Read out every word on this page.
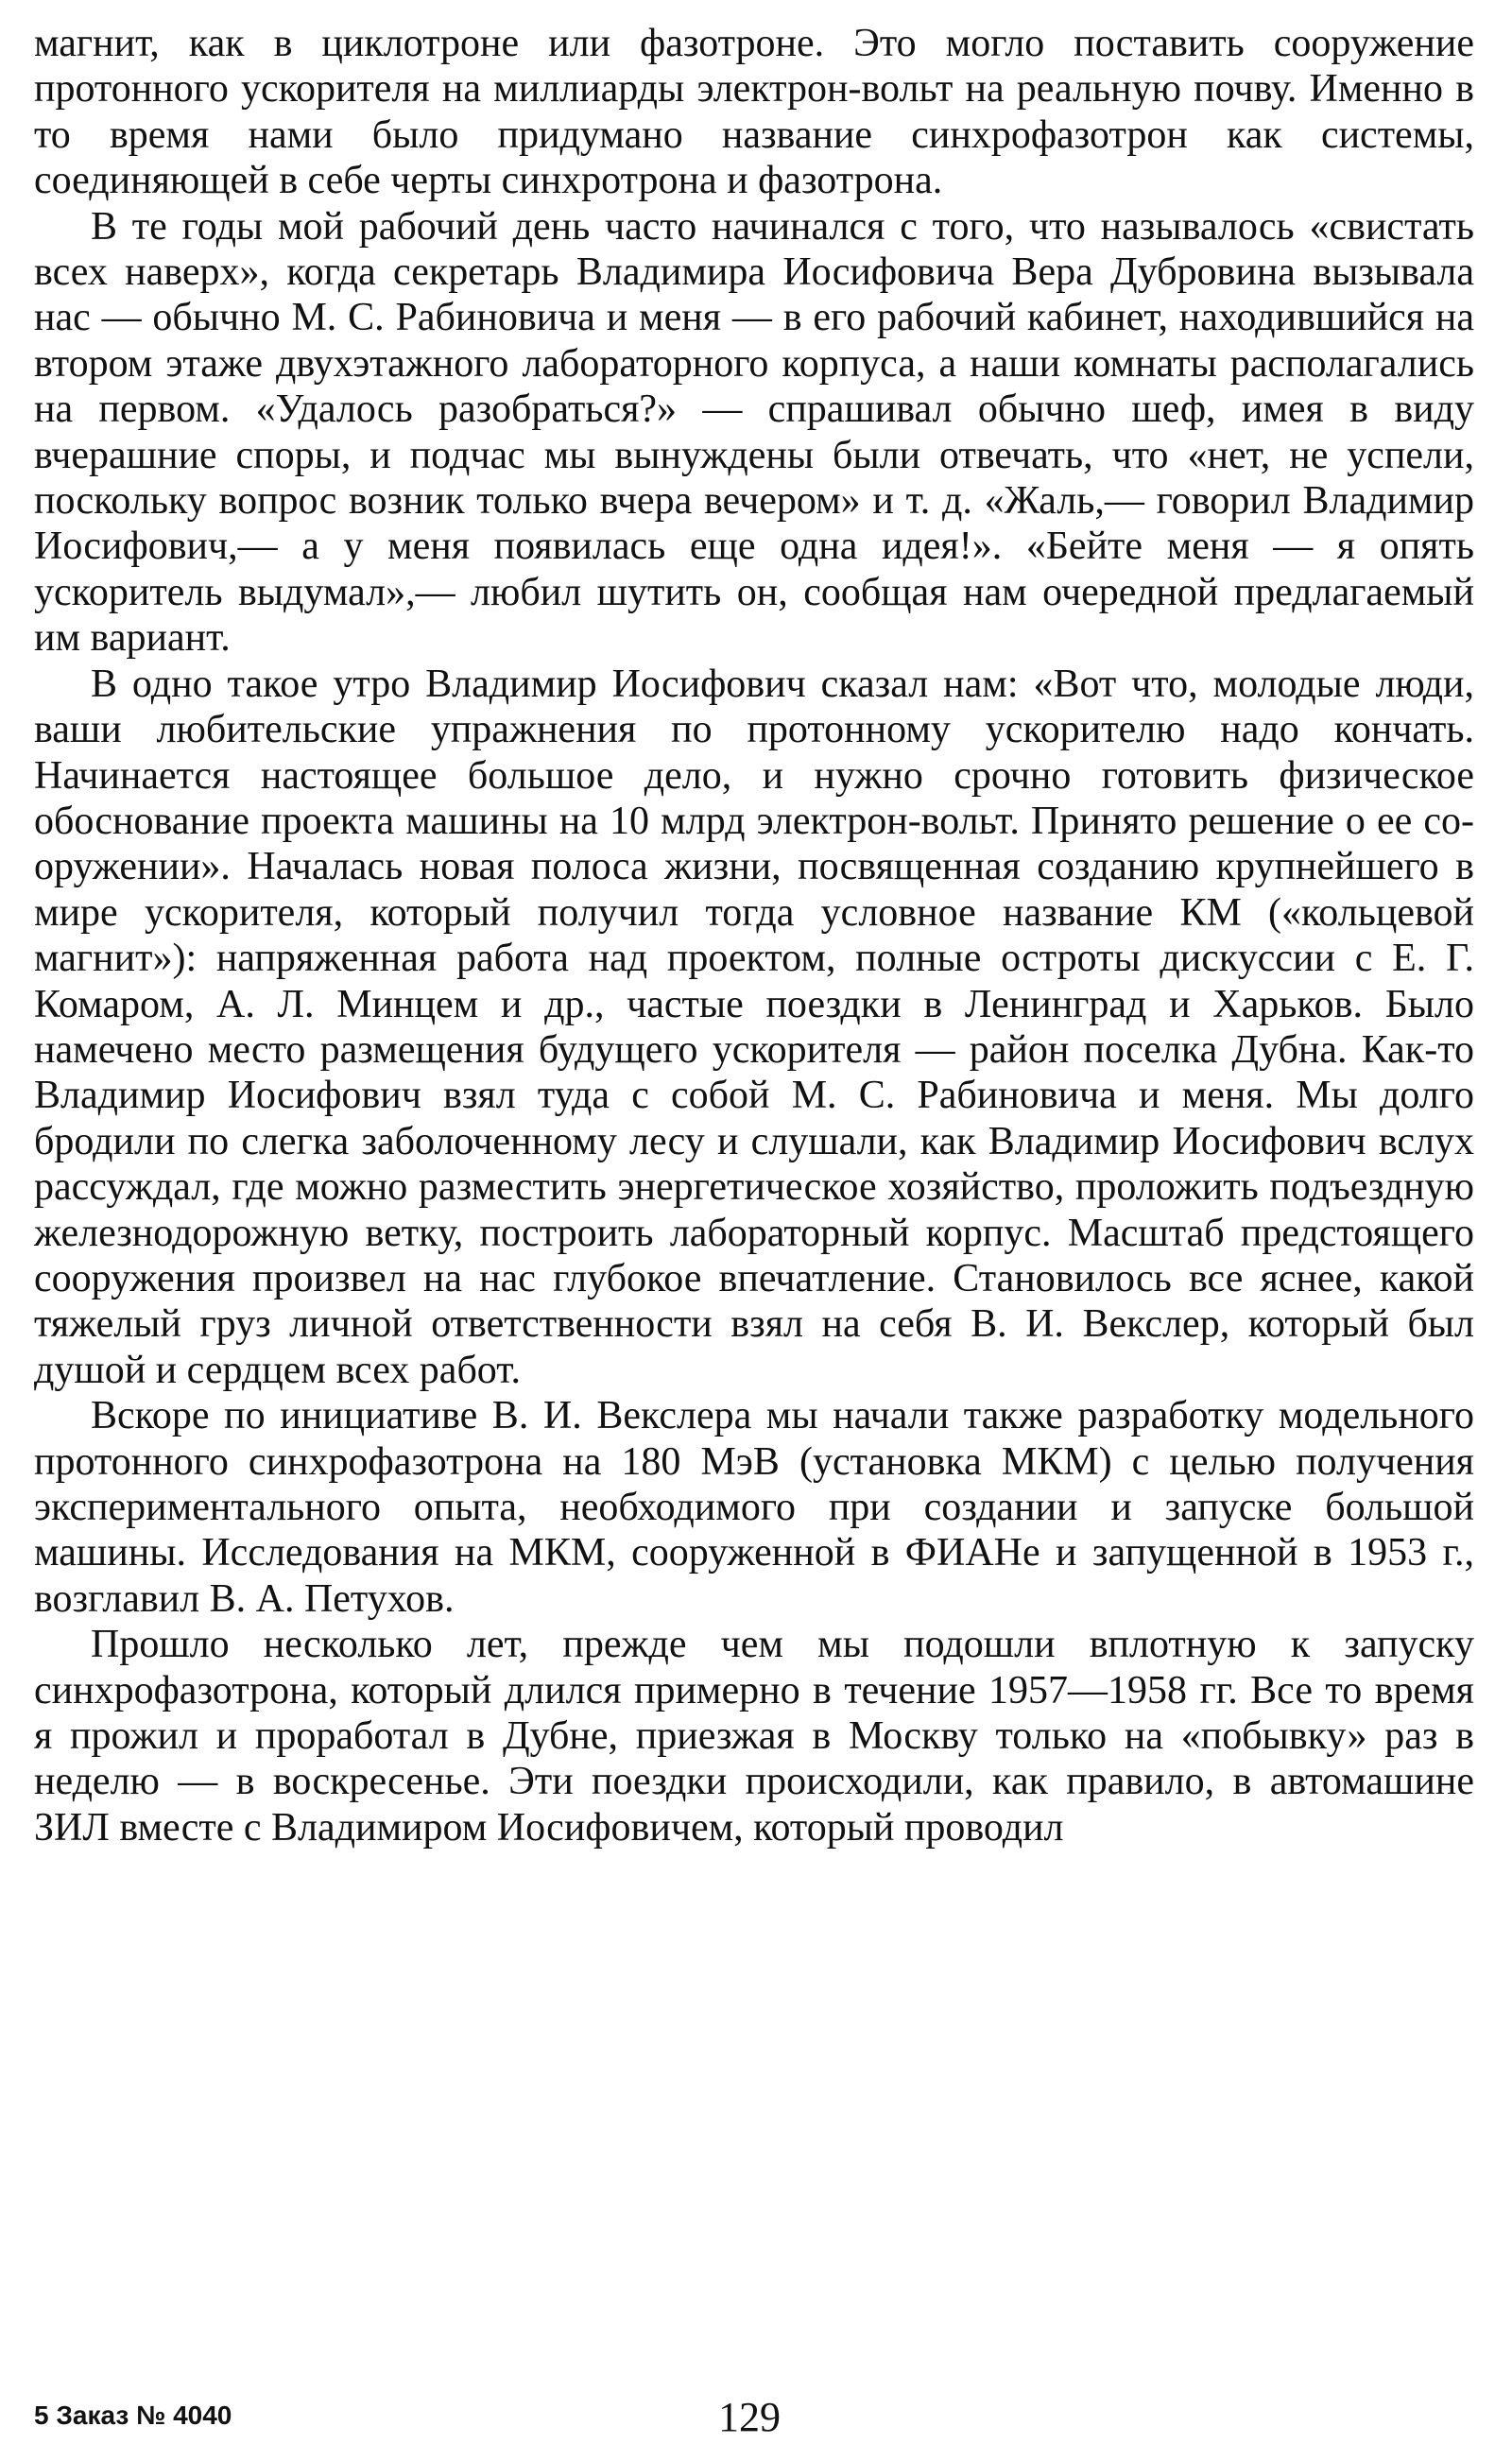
магнит, как в циклотроне или фазотроне. Это могло поставить сооружение протонного ускорителя на миллиарды электрон-вольт на реальную почву. Именно в то время нами было придумано название синхрофазотрон как системы, соединяющей в себе черты синхротрона и фазотрона.

В те годы мой рабочий день часто начинался с того, что называлось «свистать всех наверх», когда секретарь Владимира Иосифовича Вера Дубровина вызывала нас — обычно М. С. Рабиновича и меня — в его рабочий кабинет, находившийся на втором этаже двухэтажного лабораторного корпуса, а наши комнаты располагались на первом. «Удалось разобраться?» — спрашивал обычно шеф, имея в виду вчерашние споры, и подчас мы вынуждены были отвечать, что «нет, не успели, поскольку вопрос возник только вчера вечером» и т. д. «Жаль,— говорил Владимир Иосифович,— а у меня появилась еще одна идея!». «Бейте меня — я опять ускоритель выдумал»,— любил шутить он, сообщая нам очередной предлагаемый им вариант.

В одно такое утро Владимир Иосифович сказал нам: «Вот что, молодые люди, ваши любительские упражнения по протонному ускорителю надо кончать. Начинается настоящее большое дело, и нужно срочно готовить физическое обоснование проекта машины на 10 млрд электрон-вольт. Принято решение о ее сооружении». Началась новая полоса жизни, посвященная созданию крупнейшего в мире ускорителя, который получил тогда условное название КМ («кольцевой магнит»): напряженная работа над проектом, полные остроты дискуссии с Е. Г. Комаром, А. Л. Минцем и др., частые поездки в Ленинград и Харьков. Было намечено место размещения будущего ускорителя — район поселка Дубна. Как-то Владимир Иосифович взял туда с собой М. С. Рабиновича и меня. Мы долго бродили по слегка заболоченному лесу и слушали, как Владимир Иосифович вслух рассуждал, где можно разместить энергетическое хозяйство, проложить подъездную железнодорожную ветку, построить лабораторный корпус. Масштаб предстоящего сооружения произвел на нас глубокое впечатление. Становилось все яснее, какой тяжелый груз личной ответственности взял на себя В. И. Векслер, который был душой и сердцем всех работ.

Вскоре по инициативе В. И. Векслера мы начали также разработку модельного протонного синхрофазотрона на 180 МэВ (установка МКМ) с целью получения экспериментального опыта, необходимого при создании и запуске большой машины. Исследования на МКМ, сооруженной в ФИАНе и запущенной в 1953 г., возглавил В. А. Петухов.

Прошло несколько лет, прежде чем мы подошли вплотную к запуску синхрофазотрона, который длился примерно в течение 1957—1958 гг. Все то время я прожил и проработал в Дубне, приезжая в Москву только на «побывку» раз в неделю — в воскресенье. Эти поездки происходили, как правило, в автомашине ЗИЛ вместе с Владимиром Иосифовичем, который проводил

5 Заказ № 4040	129
